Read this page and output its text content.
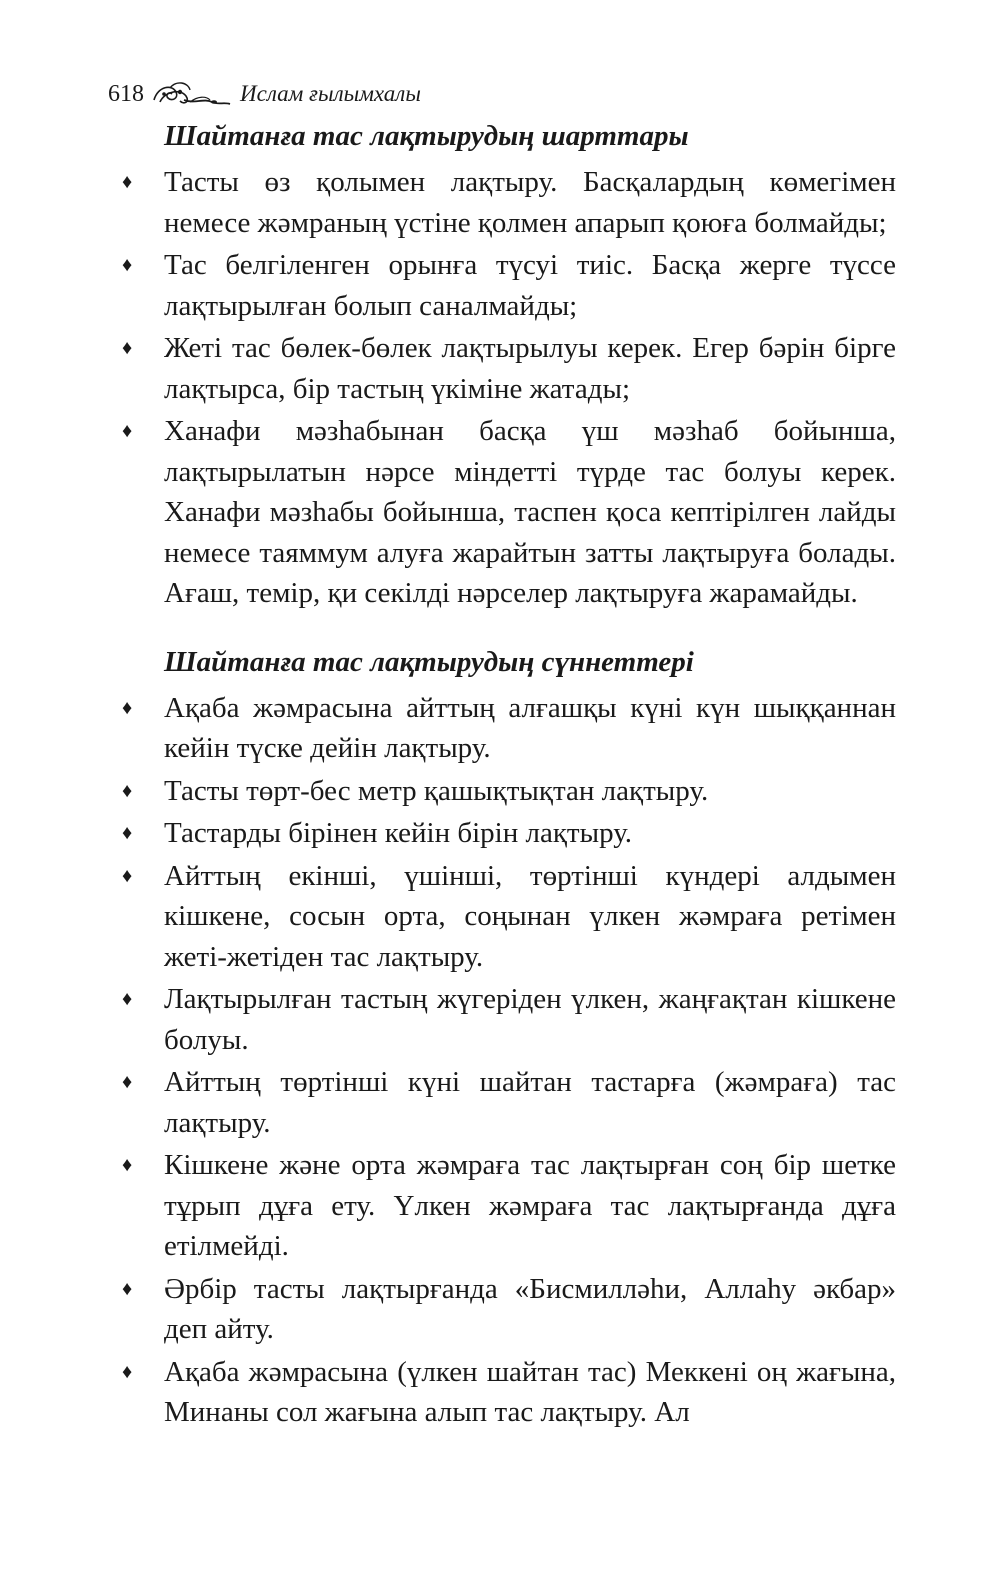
618	Ислам ғылымхалы
Шайтанға тас лақтырудың шарттары
♦ Тасты өз қолымен лақтыру. Басқалардың көмегімен немесе жәмраның үстіне қолмен апарып қоюға болмайды;
♦ Тас белгіленген орынға түсуі тиіс. Басқа жерге түссе лақтырылған болып саналмайды;
♦ Жеті тас бөлек-бөлек лақтырылуы керек. Егер бәрін бірге лақтырса, бір тастың үкіміне жатады;
♦ Ханафи мәзһабынан басқа үш мәзһаб бойынша, лақтырылатын нәрсе міндетті түрде тас болуы керек. Ханафи мәзһабы бойынша, таспен қоса кептірілген лайды немесе таяммум алуға жарайтын затты лақтыруға болады. Ағаш, темір, қи секілді нәрселер лақтыруға жарамайды.
Шайтанға тас лақтырудың сүннеттері
♦ Ақаба жәмрасына айттың алғашқы күні күн шыққаннан кейін түске дейін лақтыру.
♦ Тасты төрт-бес метр қашықтықтан лақтыру.
♦ Тастарды бірінен кейін бірін лақтыру.
♦ Айттың екінші, үшінші, төртінші күндері алдымен кішкене, сосын орта, соңынан үлкен жәмраға ретімен жеті-жетіден тас лақтыру.
♦ Лақтырылған тастың жүгеріден үлкен, жаңғақтан кішкене болуы.
♦ Айттың төртінші күні шайтан тастарға (жәмраға) тас лақтыру.
♦ Кішкене және орта жәмраға тас лақтырған соң бір шетке тұрып дұға ету. Үлкен жәмраға тас лақтырғанда дұға етілмейді.
♦ Әрбір тасты лақтырғанда «Бисмилләһи, Аллаһу әкбар» деп айту.
♦ Ақаба жәмрасына (үлкен шайтан тас) Меккені оң жағына, Минаны сол жағына алып тас лақтыру. Ал
